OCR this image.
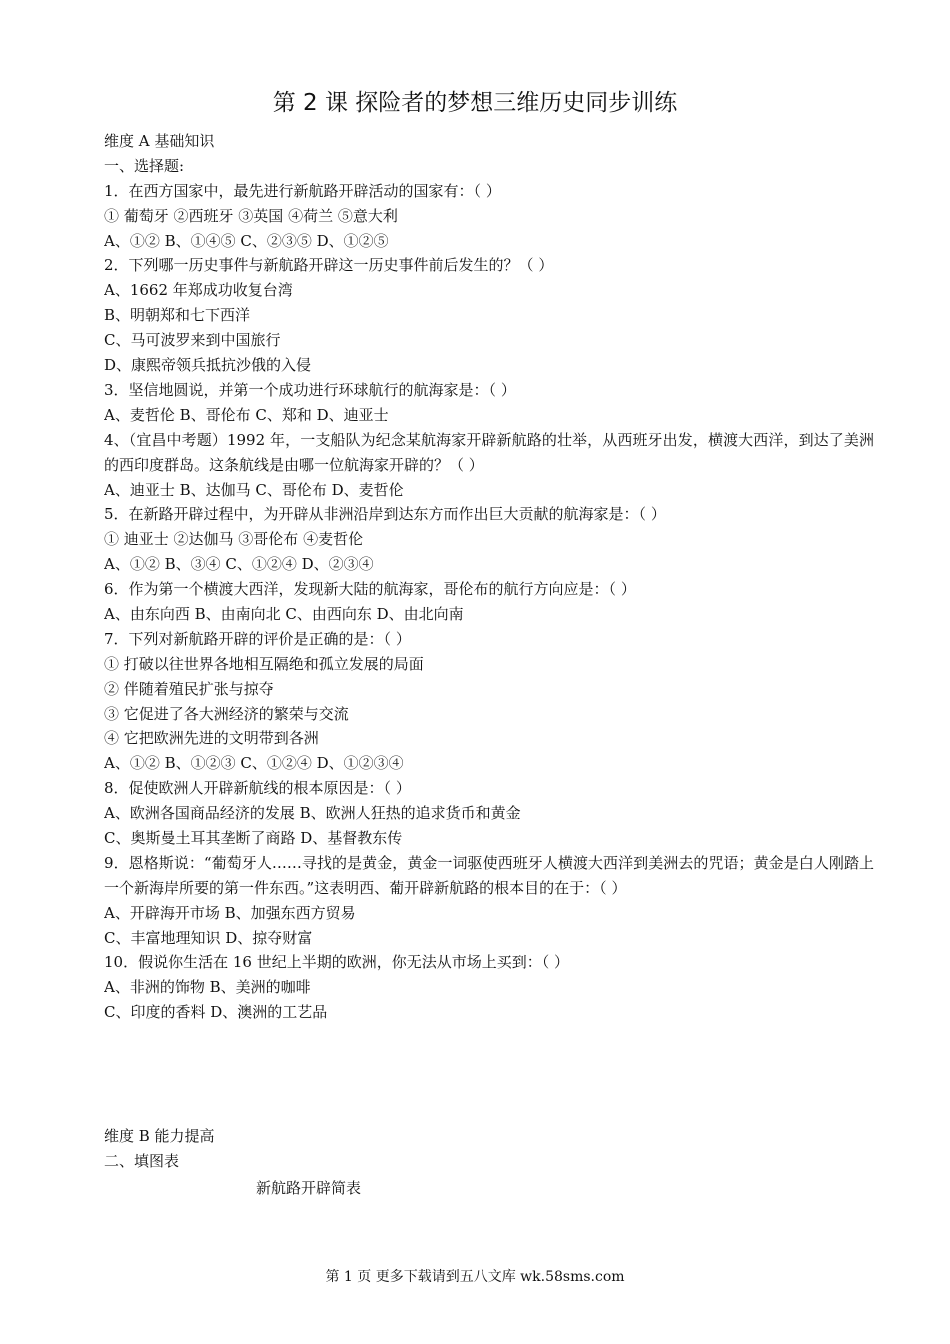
第 2 课 探险者的梦想三维历史同步训练
维度 A 基础知识
一、选择题:
1．在西方国家中，最先进行新航路开辟活动的国家有：（ ）
① 葡萄牙 ②西班牙 ③英国 ④荷兰 ⑤意大利
A、①② B、①④⑤ C、②③⑤ D、①②⑤
2．下列哪一历史事件与新航路开辟这一历史事件前后发生的？（ ）
A、1662 年郑成功收复台湾
B、明朝郑和七下西洋
C、马可波罗来到中国旅行
D、康熙帝领兵抵抗沙俄的入侵
3．坚信地圆说，并第一个成功进行环球航行的航海家是：（ ）
A、麦哲伦 B、哥伦布 C、郑和 D、迪亚士
4、（宜昌中考题）1992 年，一支船队为纪念某航海家开辟新航路的壮举，从西班牙出发，横渡大西洋，到达了美洲的西印度群岛。这条航线是由哪一位航海家开辟的？（ ）
A、迪亚士 B、达伽马 C、哥伦布 D、麦哲伦
5．在新路开辟过程中，为开辟从非洲沿岸到达东方而作出巨大贡献的航海家是：（ ）
① 迪亚士 ②达伽马 ③哥伦布 ④麦哲伦
A、①② B、③④ C、①②④ D、②③④
6．作为第一个横渡大西洋，发现新大陆的航海家，哥伦布的航行方向应是：（ ）
A、由东向西 B、由南向北 C、由西向东 D、由北向南
7．下列对新航路开辟的评价是正确的是：（ ）
① 打破以往世界各地相互隔绝和孤立发展的局面
② 伴随着殖民扩张与掠夺
③ 它促进了各大洲经济的繁荣与交流
④ 它把欧洲先进的文明带到各洲
A、①② B、①②③ C、①②④ D、①②③④
8．促使欧洲人开辟新航线的根本原因是：（ ）
A、欧洲各国商品经济的发展 B、欧洲人狂热的追求货币和黄金
C、奥斯曼土耳其垄断了商路 D、基督教东传
9．恩格斯说：“葡萄牙人……寻找的是黄金，黄金一词驱使西班牙人横渡大西洋到美洲去的咒语；黄金是白人刚踏上一个新海岸所要的第一件东西。”这表明西、葡开辟新航路的根本目的在于：（ ）
A、开辟海开市场 B、加强东西方贸易
C、丰富地理知识 D、掠夺财富
10．假说你生活在 16 世纪上半期的欧洲，你无法从市场上买到：（ ）
A、非洲的饰物 B、美洲的咖啡
C、印度的香料 D、澳洲的工艺品
维度 B 能力提高
二、填图表
新航路开辟简表
第 1 页 更多下载请到五八文库 wk.58sms.com
